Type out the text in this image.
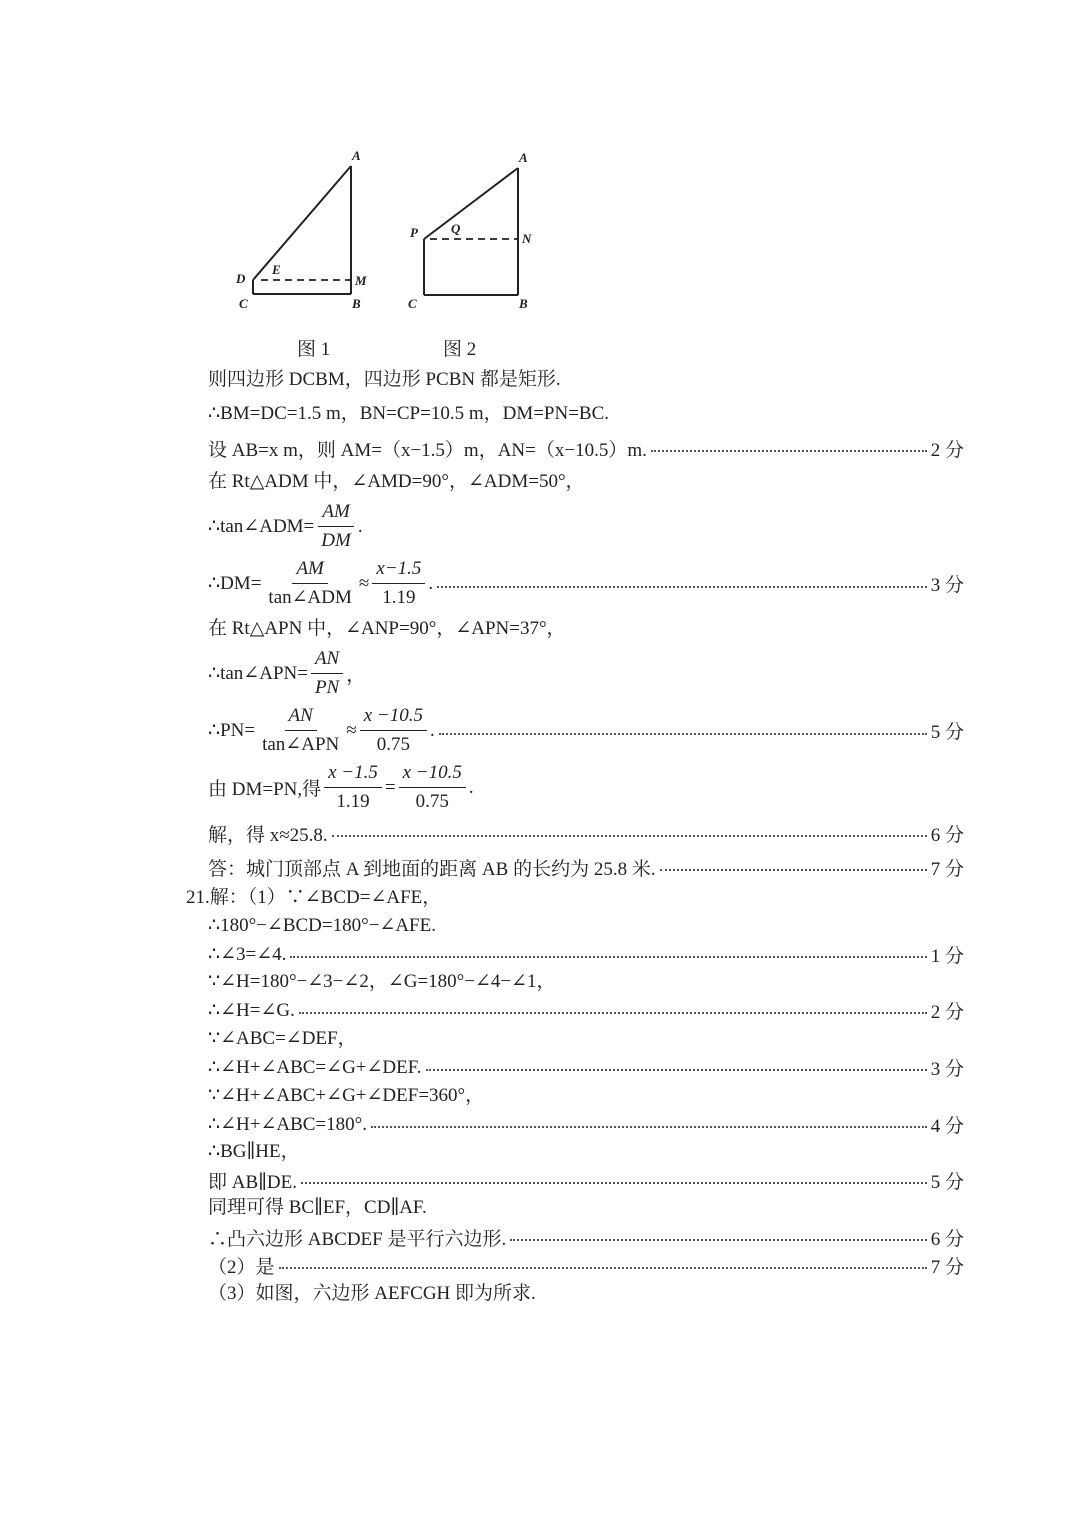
A
D
E
M
C	B
A
P	Q
N
C	B
图 1	图 2
则四边形 DCBM，四边形 PCBN 都是矩形.
∴BM=DC=1.5 m，BN=CP=10.5 m，DM=PN=BC.
设 AB=x m，则 AM=（x−1.5）m，AN=（x−10.5）m.	2 分
在 Rt△ADM 中，∠AMD=90°，∠ADM=50°，
∴tan∠ADM= $\frac{AM}{DM}$ .
∴DM= $\frac{AM}{\text{tan∠ADM}} \approx \frac{x-1.5}{1.19}$ .	3 分
在 Rt△APN 中，∠ANP=90°，∠APN=37°，
∴tan∠APN= $\frac{AN}{PN}$ ，
∴PN= $\frac{AN}{\text{tan∠APN}} \approx \frac{x -10.5}{0.75}$ .	5 分
由 DM=PN,得 $\frac{x -1.5}{1.19} = \frac{x -10.5}{0.75}$ .
解，得 x≈25.8.	6 分
答：城门顶部点 A 到地面的距离 AB 的长约为 25.8 米.	7 分
21.解：（1）∵∠BCD=∠AFE，
∴180°−∠BCD=180°−∠AFE.
∴∠3=∠4.	1 分
∵∠H=180°−∠3−∠2，∠G=180°−∠4−∠1，
∴∠H=∠G.	2 分
∵∠ABC=∠DEF，
∴∠H+∠ABC=∠G+∠DEF.	3 分
∵∠H+∠ABC+∠G+∠DEF=360°，
∴∠H+∠ABC=180°.	4 分
∴BG∥HE，
即 AB∥DE.	5 分
同理可得 BC∥EF，CD∥AF.
∴凸六边形 ABCDEF 是平行六边形.	6 分
（2）是	7 分
（3）如图，六边形 AEFCGH 即为所求.
